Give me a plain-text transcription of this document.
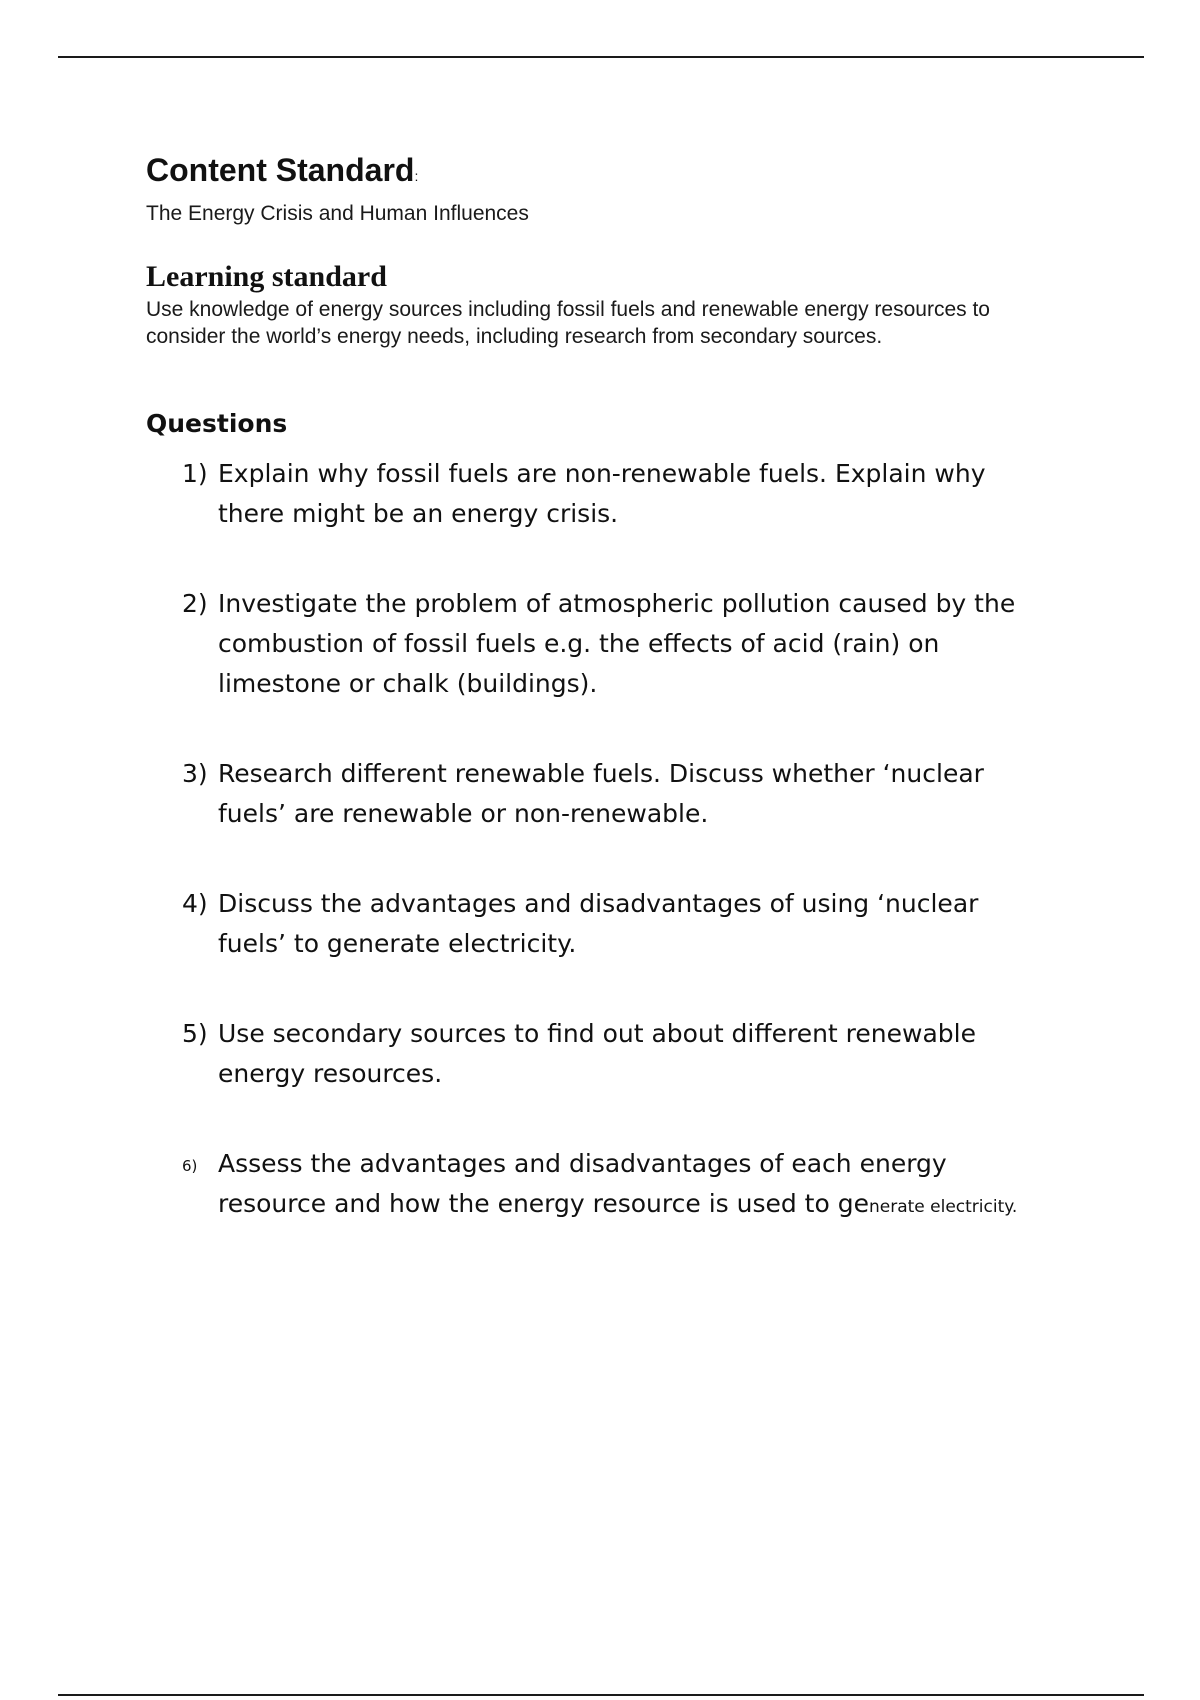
Content Standard:

The Energy Crisis and Human Influences

Learning standard

Use knowledge of energy sources including fossil fuels and renewable energy resources to consider the world’s energy needs, including research from secondary sources.

Questions
1) Explain why fossil fuels are non-renewable fuels. Explain why there might be an energy crisis.
2) Investigate the problem of atmospheric pollution caused by the combustion of fossil fuels e.g. the effects of acid (rain) on limestone or chalk (buildings).
3) Research different renewable fuels. Discuss whether ‘nuclear fuels’ are renewable or non-renewable.
4) Discuss the advantages and disadvantages of using ‘nuclear fuels’ to generate electricity.
5) Use secondary sources to find out about different renewable energy resources.
6) Assess the advantages and disadvantages of each energy resource and how the energy resource is used to generate electricity.
